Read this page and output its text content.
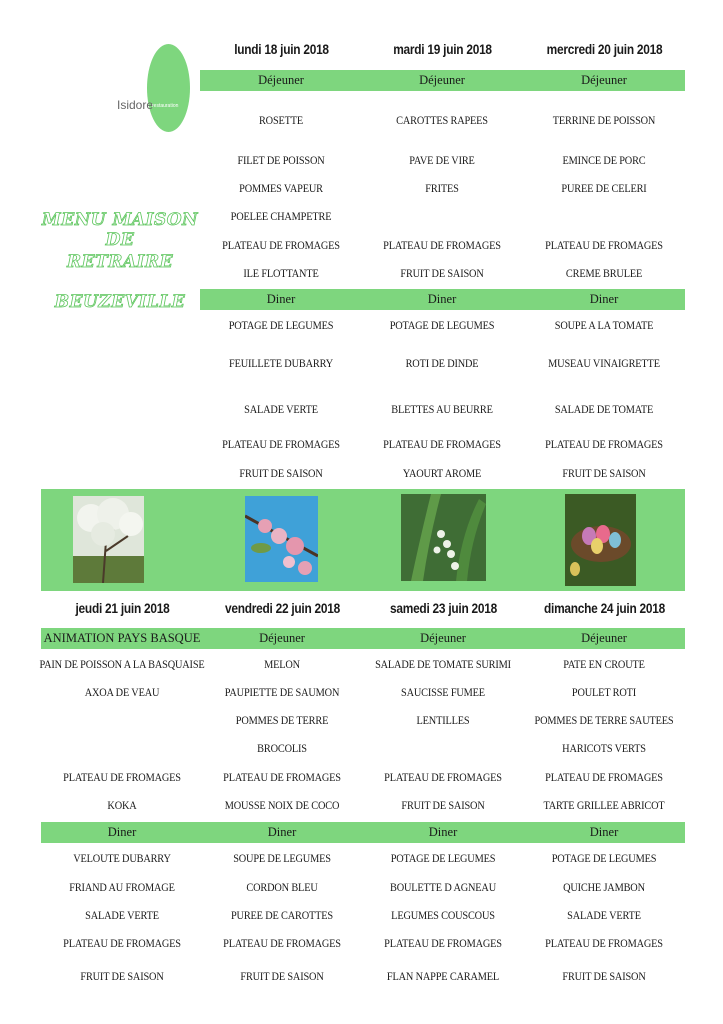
Isidore
restauration
MENU MAISON DE
RETRAIRE
BEUZEVILLE
lundi 18 juin 2018
Déjeuner
Diner
ROSETTE
FILET DE POISSON
POMMES VAPEUR
POELEE CHAMPETRE
PLATEAU DE FROMAGES
ILE FLOTTANTE
POTAGE DE LEGUMES
FEUILLETE DUBARRY
SALADE VERTE
PLATEAU DE FROMAGES
FRUIT DE SAISON
mardi 19 juin 2018
Déjeuner
Diner
CAROTTES RAPEES
PAVE DE VIRE
FRITES
PLATEAU DE FROMAGES
FRUIT DE SAISON
POTAGE DE LEGUMES
ROTI DE DINDE
BLETTES AU BEURRE
PLATEAU DE FROMAGES
YAOURT AROME
mercredi 20 juin 2018
Déjeuner
Diner
TERRINE DE POISSON
EMINCE DE PORC
PUREE DE CELERI
PLATEAU DE FROMAGES
CREME BRULEE
SOUPE A LA TOMATE
MUSEAU VINAIGRETTE
SALADE DE TOMATE
PLATEAU DE FROMAGES
FRUIT DE SAISON
jeudi 21 juin 2018
ANIMATION PAYS BASQUE
Diner
PAIN DE POISSON A LA BASQUAISE
AXOA DE VEAU
PLATEAU DE FROMAGES
KOKA
VELOUTE DUBARRY
FRIAND AU FROMAGE
SALADE VERTE
PLATEAU DE FROMAGES
FRUIT DE SAISON
vendredi 22 juin 2018
Déjeuner
Diner
MELON
PAUPIETTE DE SAUMON
POMMES DE TERRE
BROCOLIS
PLATEAU DE FROMAGES
MOUSSE NOIX DE COCO
SOUPE DE LEGUMES
CORDON BLEU
PUREE DE CAROTTES
PLATEAU DE FROMAGES
FRUIT DE SAISON
samedi 23 juin 2018
Déjeuner
Diner
SALADE DE TOMATE SURIMI
SAUCISSE FUMEE
LENTILLES
PLATEAU DE FROMAGES
FRUIT DE SAISON
POTAGE DE LEGUMES
BOULETTE D AGNEAU
LEGUMES COUSCOUS
PLATEAU DE FROMAGES
FLAN NAPPE CARAMEL
dimanche 24 juin 2018
Déjeuner
Diner
PATE EN CROUTE
POULET ROTI
POMMES DE TERRE SAUTEES
HARICOTS VERTS
PLATEAU DE FROMAGES
TARTE GRILLEE ABRICOT
POTAGE DE LEGUMES
QUICHE JAMBON
SALADE VERTE
PLATEAU DE FROMAGES
FRUIT DE SAISON
